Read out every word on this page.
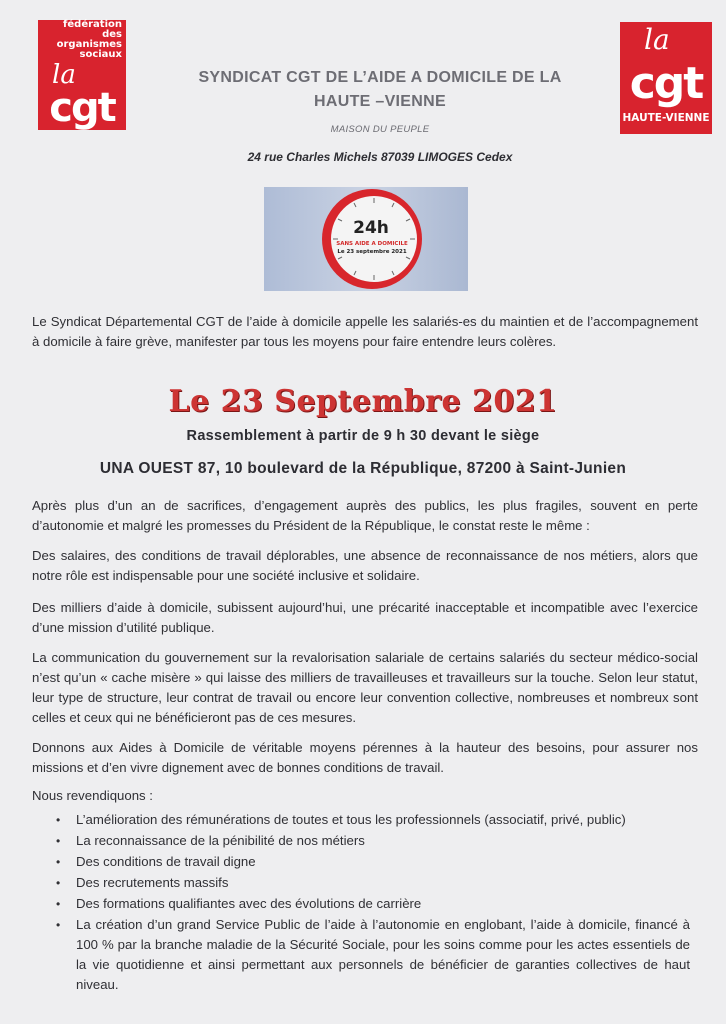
fédération
des
organismes
sociaux
la
cgt
la
cgt
HAUTE-VIENNE
SYNDICAT CGT DE L’AIDE A DOMICILE DE LA
HAUTE –VIENNE
MAISON DU PEUPLE
24 rue Charles Michels 87039 LIMOGES Cedex
24h
SANS AIDE A DOMICILE
Le 23 septembre 2021
Le Syndicat Départemental CGT de l’aide à domicile appelle les salariés-es du maintien et de l’accompagnement à domicile à faire grève, manifester par tous les moyens pour faire entendre leurs colères.
Le 23 Septembre 2021
Rassemblement à partir de 9 h 30 devant le siège
UNA OUEST 87, 10 boulevard de la République, 87200 à Saint-Junien
Après plus d’un an de sacrifices, d’engagement auprès des publics, les plus fragiles, souvent en perte d’autonomie et malgré les promesses du Président de la République, le constat reste le même :
Des salaires, des conditions de travail déplorables, une absence de reconnaissance de nos métiers, alors que notre rôle est indispensable pour une société inclusive et solidaire.
Des milliers d’aide à domicile, subissent aujourd’hui, une précarité inacceptable et incompatible avec l’exercice d’une mission d’utilité publique.
La communication du gouvernement sur la revalorisation salariale de certains salariés du secteur médico-social n’est qu’un « cache misère » qui laisse des milliers de travailleuses et travailleurs sur la touche. Selon leur statut, leur type de structure, leur contrat de travail ou encore leur convention collective, nombreuses et nombreux sont celles et ceux qui ne bénéficieront pas de ces mesures.
Donnons aux Aides à Domicile de véritable moyens pérennes à la hauteur des besoins, pour assurer nos missions et d’en vivre dignement avec de bonnes conditions de travail.
Nous revendiquons :
• L’amélioration des rémunérations de toutes et tous les professionnels (associatif, privé, public)
• La reconnaissance de la pénibilité de nos métiers
• Des conditions de travail digne
• Des recrutements massifs
• Des formations qualifiantes avec des évolutions de carrière
• La création d’un grand Service Public de l’aide à l’autonomie en englobant, l’aide à domicile, financé à 100 % par la branche maladie de la Sécurité Sociale, pour les soins comme pour les actes essentiels de la vie quotidienne et ainsi permettant aux personnels de bénéficier de garanties collectives de haut niveau.
